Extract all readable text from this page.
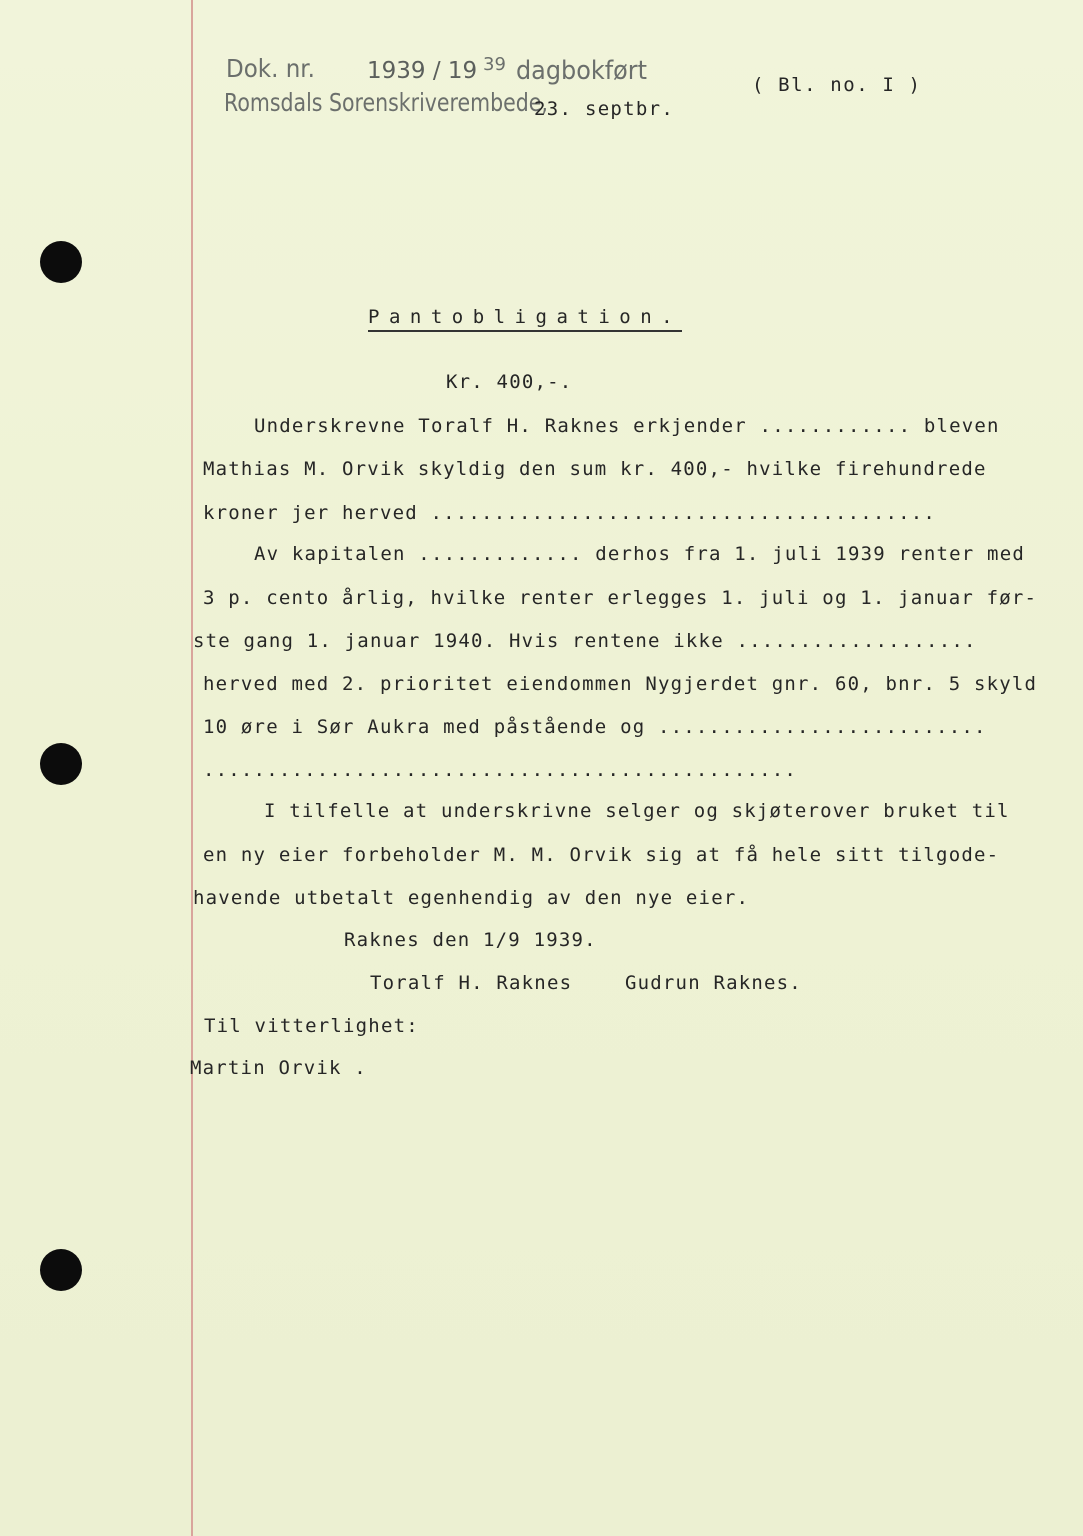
Dok. nr. 1939 / 19 39 dagbokført
Romsdals Sorenskriverembede,
23. septbr.
( Bl. no. I )
Pantobligation.
Kr. 400,-.
Underskrevne Toralf H. Raknes erkjender ............ bleven
Mathias M. Orvik skyldig den sum kr. 400,- hvilke firehundrede
kroner jer herved ........................................
Av kapitalen ............. derhos fra 1. juli 1939 renter med
3 p. cento årlig, hvilke renter erlegges 1. juli og 1. januar før-
ste gang 1. januar 1940. Hvis rentene ikke ...................
herved med 2. prioritet eiendommen Nygjerdet gnr. 60, bnr. 5 skyld
10 øre i Sør Aukra med påstående og ..........................
...............................................
I tilfelle at underskrivne selger og skjøterover bruket til
en ny eier forbeholder M. M. Orvik sig at få hele sitt tilgode-
havende utbetalt egenhendig av den nye eier.
Raknes den 1/9 1939.
Toralf H. Raknes	Gudrun Raknes.
Til vitterlighet:
Martin Orvik .
